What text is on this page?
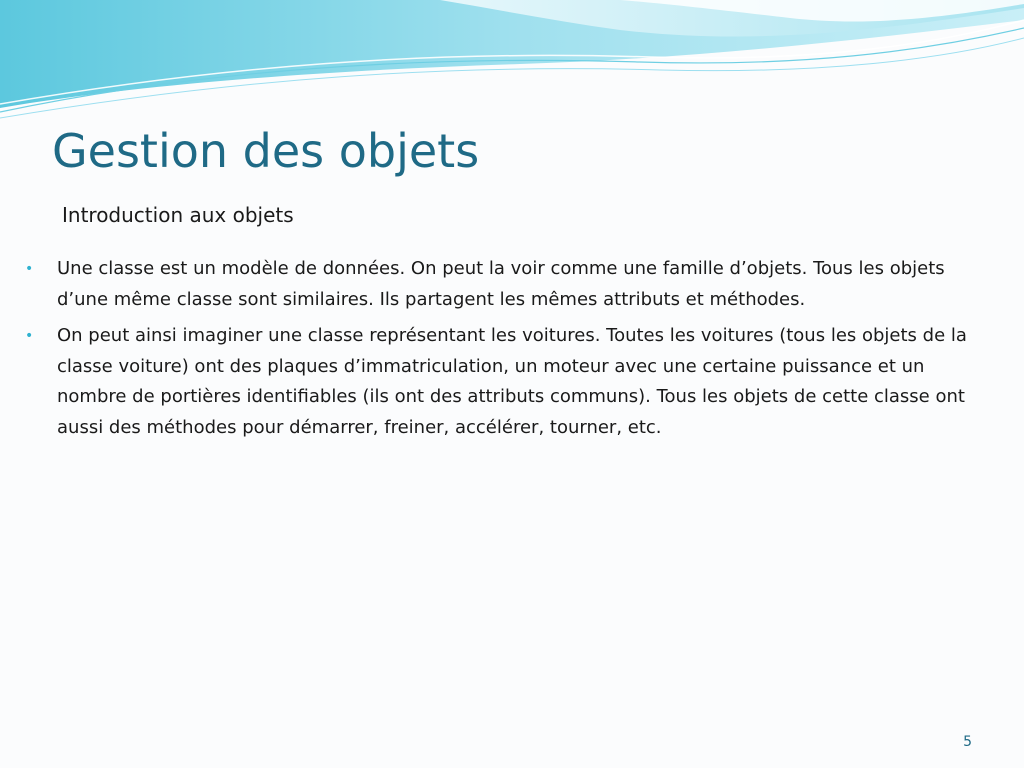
Gestion des objets
Introduction aux objets
• Une classe est un modèle de données. On peut la voir comme une famille d’objets. Tous les objets d’une même classe sont similaires. Ils partagent les mêmes attributs et méthodes.
• On peut ainsi imaginer une classe représentant les voitures. Toutes les voitures (tous les objets de la classe voiture) ont des plaques d’immatriculation, un moteur avec une certaine puissance et un nombre de portières identifiables (ils ont des attributs communs). Tous les objets de cette classe ont aussi des méthodes pour démarrer, freiner, accélérer, tourner, etc.
5
